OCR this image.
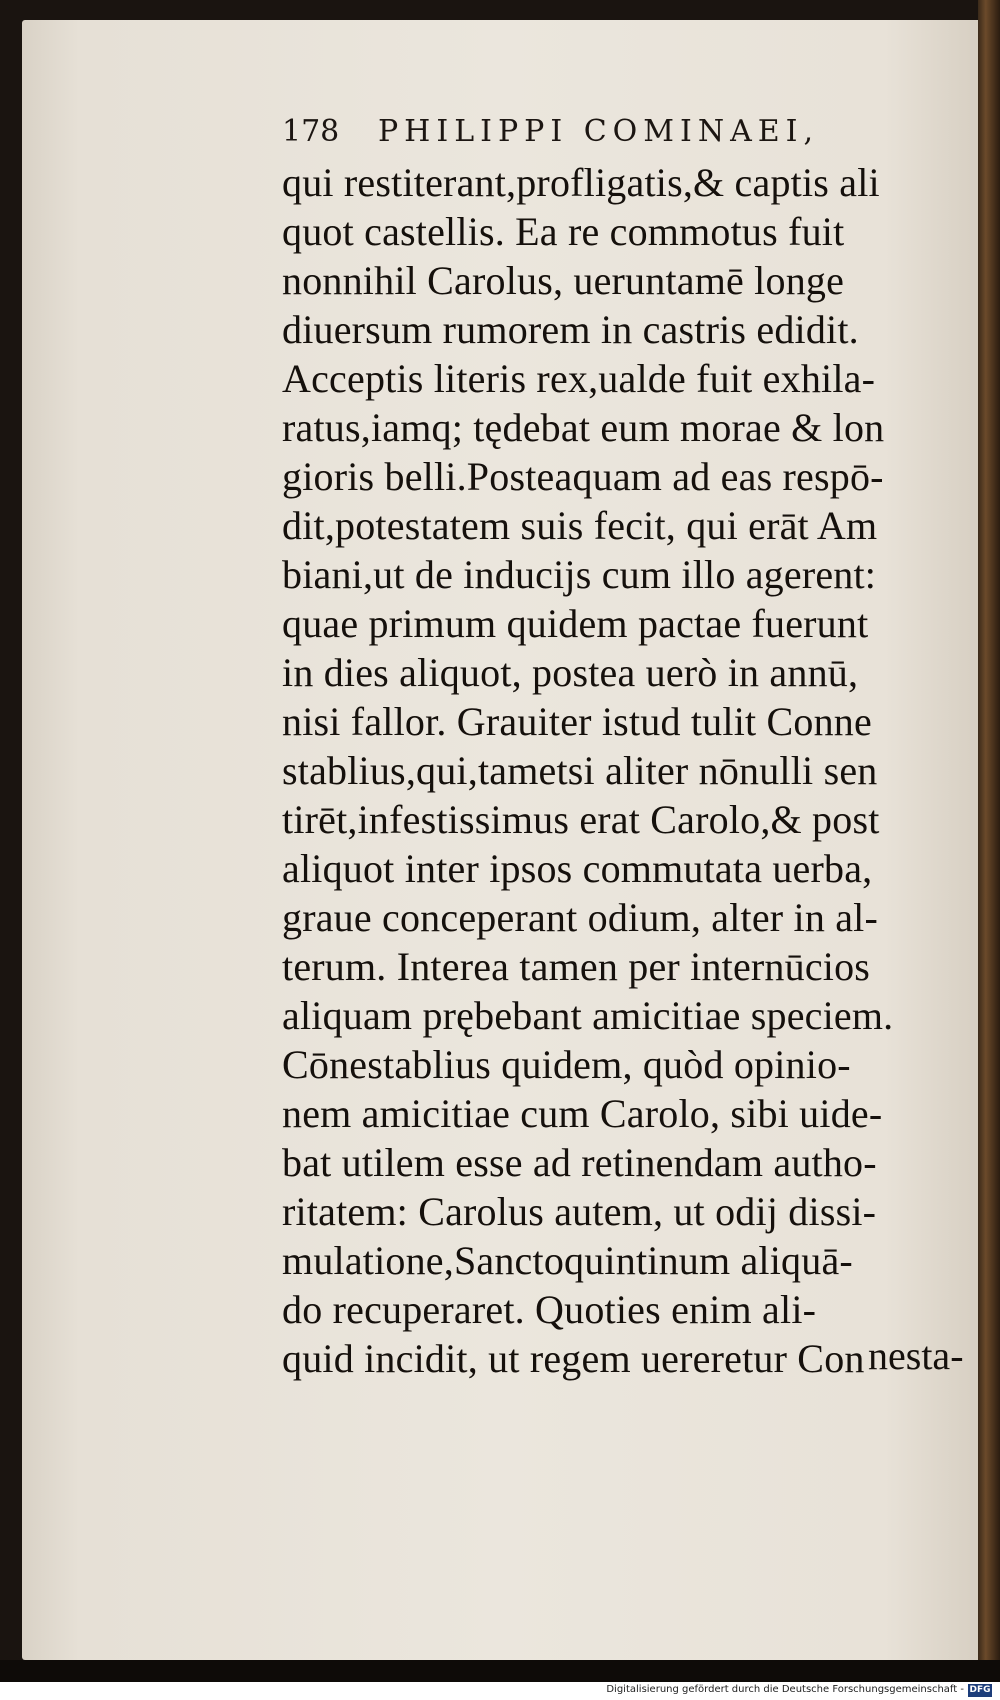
178 PHILIPPI COMINAEI,
qui restiterant,profligatis,& captis ali
quot castellis. Ea re commotus fuit
nonnihil Carolus, ueruntamē longe
diuersum rumorem in castris edidit.
Acceptis literis rex,ualde fuit exhila-
ratus,iamq; tędebat eum morae & lon
gioris belli.Posteaquam ad eas respō-
dit,potestatem suis fecit, qui erāt Am
biani,ut de inducijs cum illo agerent:
quae primum quidem pactae fuerunt
in dies aliquot, postea uerò in annū,
nisi fallor. Grauiter istud tulit Conne
stablius,qui,tametsi aliter nōnulli sen
tirēt,infestissimus erat Carolo,& post
aliquot inter ipsos commutata uerba,
graue conceperant odium, alter in al-
terum. Interea tamen per internūcios
aliquam prębebant amicitiae speciem.
Cōnestablius quidem, quòd opinio-
nem amicitiae cum Carolo, sibi uide-
bat utilem esse ad retinendam autho-
ritatem: Carolus autem, ut odij dissi-
mulatione,Sanctoquintinum aliquā-
do recuperaret. Quoties enim ali-
quid incidit, ut regem uereretur Con nesta-
Digitalisierung gefördert durch die Deutsche Forschungsgemeinschaft - DFG
